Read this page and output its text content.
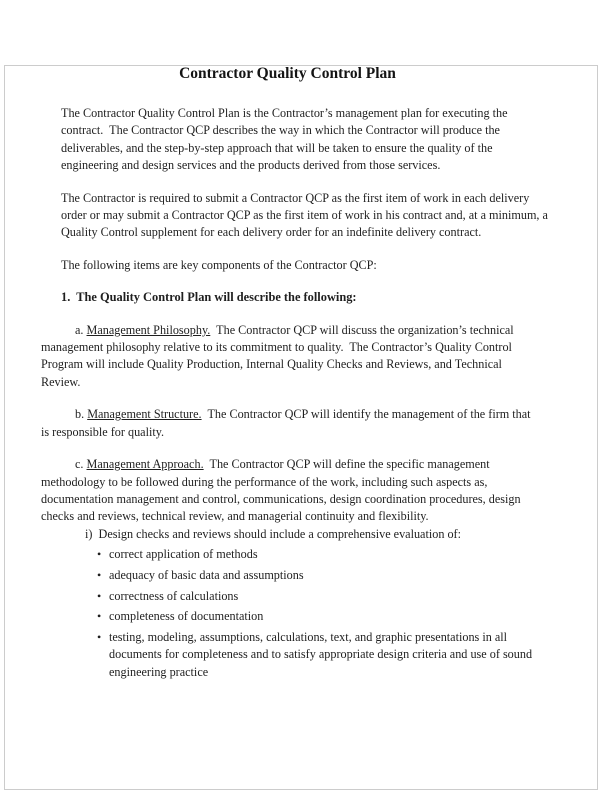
Contractor Quality Control Plan

The Contractor Quality Control Plan is the Contractor’s management plan for executing the contract.  The Contractor QCP describes the way in which the Contractor will produce the deliverables, and the step-by-step approach that will be taken to ensure the quality of the engineering and design services and the products derived from those services.

The Contractor is required to submit a Contractor QCP as the first item of work in each delivery order or may submit a Contractor QCP as the first item of work in his contract and, at a minimum, a Quality Control supplement for each delivery order for an indefinite delivery contract.

The following items are key components of the Contractor QCP:

1.  The Quality Control Plan will describe the following:

a. Management Philosophy.  The Contractor QCP will discuss the organization’s technical management philosophy relative to its commitment to quality.  The Contractor’s Quality Control Program will include Quality Production, Internal Quality Checks and Reviews, and Technical Review.

b. Management Structure.  The Contractor QCP will identify the management of the firm that is responsible for quality.

c. Management Approach.  The Contractor QCP will define the specific management methodology to be followed during the performance of the work, including such aspects as, documentation management and control, communications, design coordination procedures, design checks and reviews, technical review, and managerial continuity and flexibility.

i)  Design checks and reviews should include a comprehensive evaluation of:

• correct application of methods
• adequacy of basic data and assumptions
• correctness of calculations
• completeness of documentation
• testing, modeling, assumptions, calculations, text, and graphic presentations in all documents for completeness and to satisfy appropriate design criteria and use of sound engineering practice
